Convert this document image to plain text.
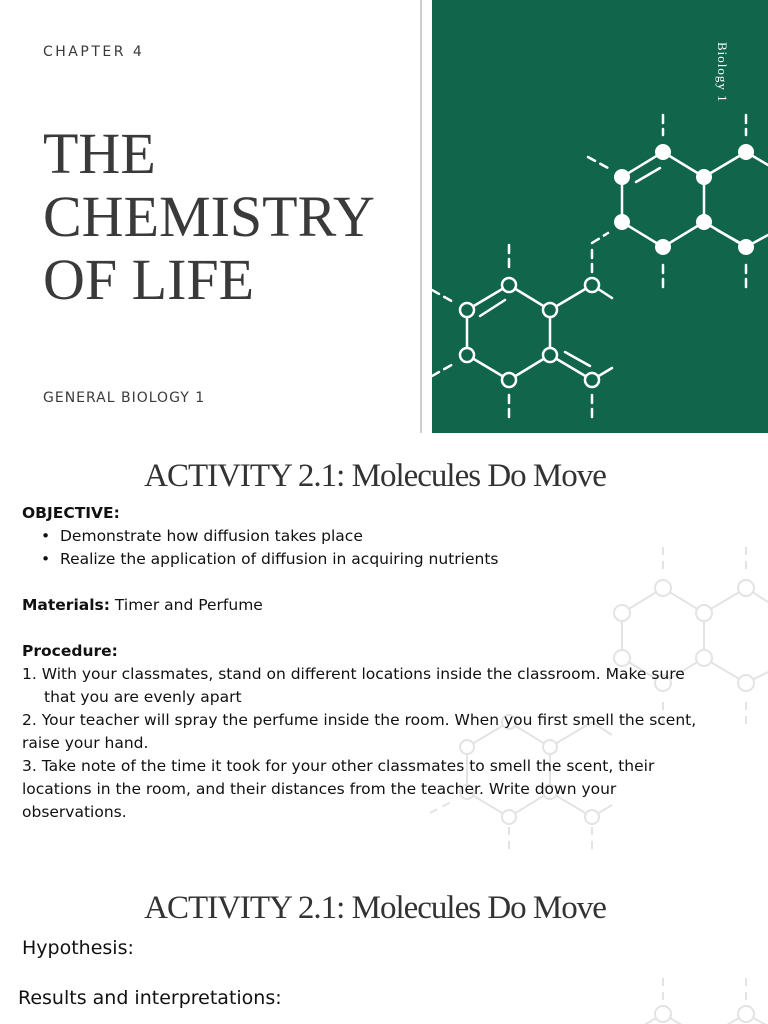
CHAPTER 4
THE
CHEMISTRY
OF LIFE
GENERAL BIOLOGY 1
Biology 1
ACTIVITY 2.1: Molecules Do Move

OBJECTIVE:

• Demonstrate how diffusion takes place
• Realize the application of diffusion in acquiring nutrients

Materials: Timer and Perfume

Procedure:

1. With your classmates, stand on different locations inside the classroom. Make sure that you are evenly apart

2. Your teacher will spray the perfume inside the room. When you first smell the scent, raise your hand.

3. Take note of the time it took for your other classmates to smell the scent, their locations in the room, and their distances from the teacher. Write down your observations.

ACTIVITY 2.1: Molecules Do Move
Hypothesis:
Results and interpretations:
